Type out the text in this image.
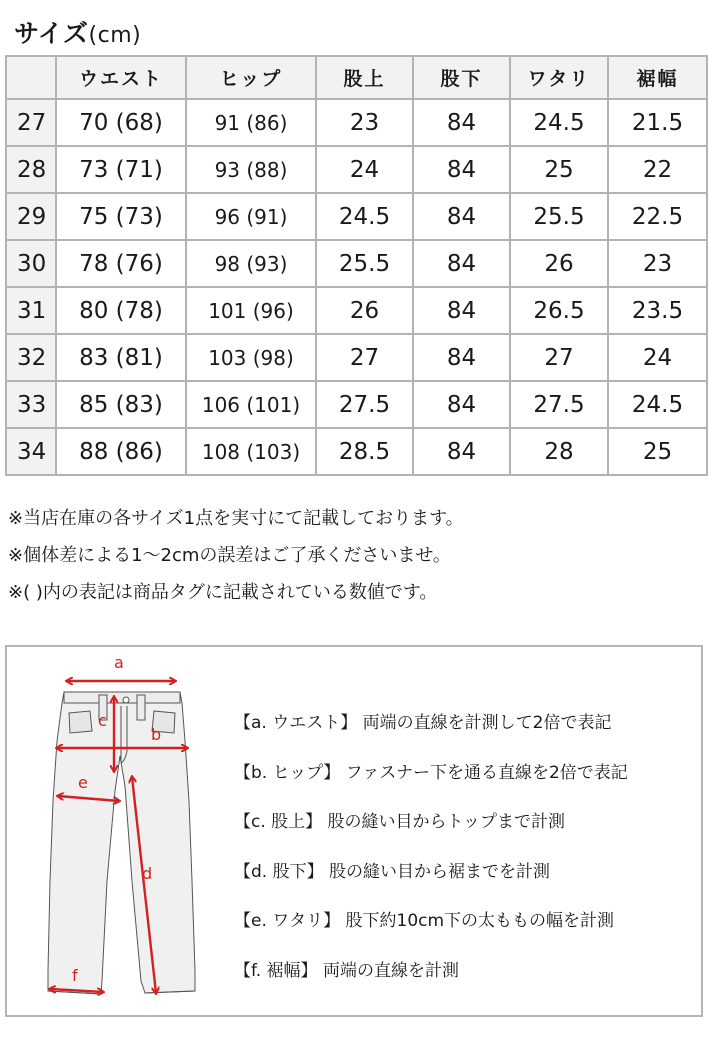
サイズ(cm)
	ウエスト	ヒップ	股上	股下	ワタリ	裾幅
27	70 (68)	91 (86)	23	84	24.5	21.5
28	73 (71)	93 (88)	24	84	25	22
29	75 (73)	96 (91)	24.5	84	25.5	22.5
30	78 (76)	98 (93)	25.5	84	26	23
31	80 (78)	101 (96)	26	84	26.5	23.5
32	83 (81)	103 (98)	27	84	27	24
33	85 (83)	106 (101)	27.5	84	27.5	24.5
34	88 (86)	108 (103)	28.5	84	28	25
※当店在庫の各サイズ1点を実寸にて記載しております。
※個体差による1〜2cmの誤差はご了承くださいませ。
※( )内の表記は商品タグに記載されている数値です。
a
c
b
e
d
f
【a. ウエスト】 両端の直線を計測して2倍で表記
【b. ヒップ】 ファスナー下を通る直線を2倍で表記
【c. 股上】 股の縫い目からトップまで計測
【d. 股下】 股の縫い目から裾までを計測
【e. ワタリ】 股下約10cm下の太ももの幅を計測
【f. 裾幅】 両端の直線を計測
